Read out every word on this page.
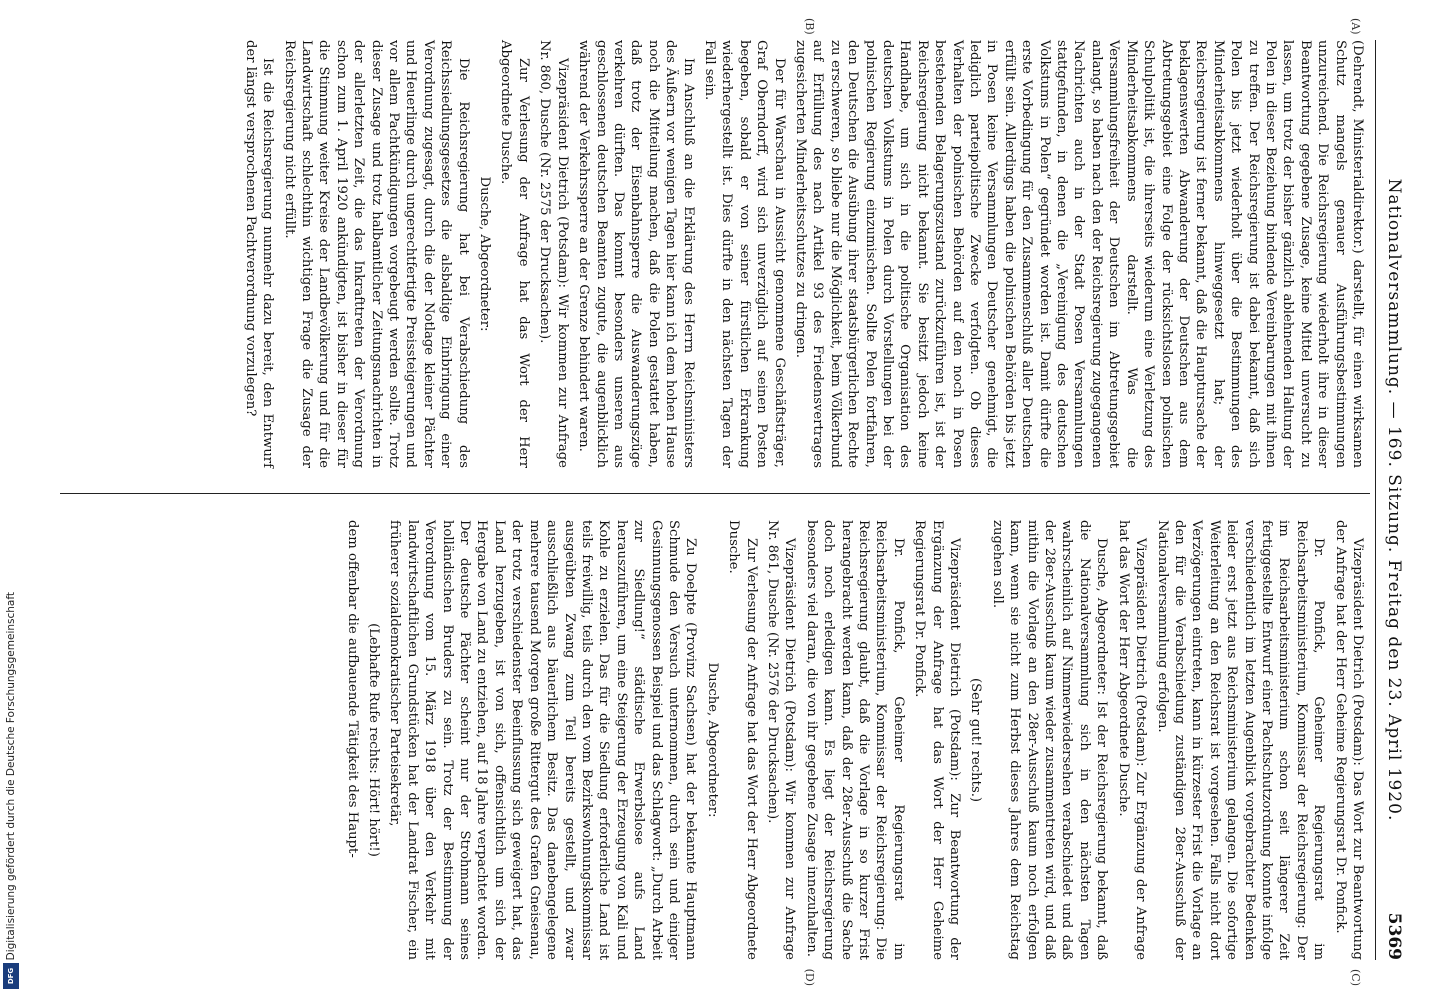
Nationalversammlung. — 169. Sitzung. Freitag den 23. April 1920.
5369
(A)
(B)
(C)
(D)

(Dehrendt, Ministerialdirektor.) darstellt, für einen wirksamen Schutz mangels genauer Ausführungsbestimmungen unzureichend. Die Reichsregierung wiederholt ihre in dieser Beantwortung gegebene Zusage, keine Mittel unversucht zu lassen, um trotz der bisher gänzlich ablehnenden Haltung der Polen in dieser Beziehung bindende Vereinbarungen mit ihnen zu treffen. Der Reichsregierung ist dabei bekannt, daß sich Polen bis jetzt wiederholt über die Bestimmungen des Minderheitsabkommens hinweggesetzt hat; der Reichsregierung ist ferner bekannt, daß die Hauptursache der beklagenswerten Abwanderung der Deutschen aus dem Abtretungsgebiet eine Folge der rücksichtslosen polnischen Schulpolitik ist, die ihrerseits wiederum eine Verletzung des Minderheitsabkommens darstellt. Was die Versammlungsfreiheit der Deutschen im Abtretungsgebiet anlangt, so haben nach den der Reichsregierung zugegangenen Nachrichten auch in der Stadt Posen Versammlungen stattgefunden, in denen die „Vereinigung des deutschen Volkstums in Polen“ gegründet worden ist. Damit dürfte die erste Vorbedingung für den Zusammenschluß aller Deutschen erfüllt sein. Allerdings haben die polnischen Behörden bis jetzt in Posen keine Versammlungen Deutscher genehmigt, die lediglich parteipolitische Zwecke verfolgten. Ob dieses Verhalten der polnischen Behörden auf den noch in Posen bestehenden Belagerungszustand zurückzuführen ist, ist der Reichsregierung nicht bekannt. Sie besitzt jedoch keine Handhabe, um sich in die politische Organisation des deutschen Volkstums in Polen durch Vorstellungen bei der polnischen Regierung einzumischen. Sollte Polen fortfahren, den Deutschen die Ausübung ihrer staatsbürgerlichen Rechte zu erschweren, so bliebe nur die Möglichkeit, beim Völkerbund auf Erfüllung des nach Artikel 93 des Friedensvertrages zugesicherten Minderheitsschutzes zu dringen.

Der für Warschau in Aussicht genommene Geschäftsträger, Graf Oberndorff, wird sich unverzüglich auf seinen Posten begeben, sobald er von seiner fürstlichen Erkrankung wiederhergestellt ist. Dies dürfte in den nächsten Tagen der Fall sein.

Im Anschluß an die Erklärung des Herrn Reichsministers des Äußern vor wenigen Tagen hier kann ich dem hohen Hause noch die Mitteilung machen, daß die Polen gestattet haben, daß trotz der Eisenbahnsperre die Auswanderungszüge verkehren dürften. Das kommt besonders unseren aus geschlossenen deutschen Beamten zugute, die augenblicklich während der Verkehrssperre an der Grenze behindert waren.

Vizepräsident Dietrich (Potsdam): Wir kommen zur Anfrage Nr. 860, Dusche (Nr. 2575 der Drucksachen).

Zur Verlesung der Anfrage hat das Wort der Herr Abgeordnete Dusche.

Dusche, Abgeordneter:

Die Reichsregierung hat bei Verabschiedung des Reichssiedlungsgesetzes die alsbaldige Einbringung einer Verordnung zugesagt, durch die der Notlage kleiner Pächter und Heuerlinge durch ungerechtfertigte Preissteigerungen und vor allem Pachtkündigungen vorgebeugt werden sollte. Trotz dieser Zusage und trotz halbamtlicher Zeitungsnachrichten in der allerletzten Zeit, die das Inkrafttreten der Verordnung schon zum 1. April 1920 ankündigten, ist bisher in dieser für die Stimmung weiter Kreise der Landbevölkerung und für die Landwirtschaft schlechthin wichtigen Frage die Zusage der Reichsregierung nicht erfüllt.

Ist die Reichsregierung nunmehr dazu bereit, den Entwurf der längst versprochenen Pachtverordnung vorzulegen?

Vizepräsident Dietrich (Potsdam): Das Wort zur Beantwortung der Anfrage hat der Herr Geheime Regierungsrat Dr. Ponfick.

Dr. Ponfick, Geheimer Regierungsrat im Reichsarbeitsministerium, Kommissar der Reichsregierung: Der im Reichsarbeitsministerium schon seit längerer Zeit fertiggestellte Entwurf einer Pachtschutzordnung konnte infolge verschiedentlich im letzten Augenblick vorgebrachter Bedenken leider erst jetzt aus Reichsministerium gelangen. Die sofortige Weiterleitung an den Reichsrat ist vorgesehen. Falls nicht dort Verzögerungen eintreten, kann in kürzester Frist die Vorlage an den für die Verabschiedung zuständigen 28er-Ausschuß der Nationalversammlung erfolgen.

Vizepräsident Dietrich (Potsdam): Zur Ergänzung der Anfrage hat das Wort der Herr Abgeordnete Dusche.

Dusche, Abgeordneter: Ist der Reichsregierung bekannt, daß die Nationalversammlung sich in den nächsten Tagen wahrscheinlich auf Nimmerwiedersehen verabschiedet und daß der 28er-Ausschuß kaum wieder zusammentreten wird, und daß mithin die Vorlage an den 28er-Ausschuß kaum noch erfolgen kann, wenn sie nicht zum Herbst dieses Jahres dem Reichstag zugehen soll.

(Sehr gut! rechts.)

Vizepräsident Dietrich (Potsdam): Zur Beantwortung der Ergänzung der Anfrage hat das Wort der Herr Geheime Regierungsrat Dr. Ponfick.

Dr. Ponfick, Geheimer Regierungsrat im Reichsarbeitsministerium, Kommissar der Reichsregierung: Die Reichsregierung glaubt, daß die Vorlage in so kurzer Frist herangebracht werden kann, daß der 28er-Ausschuß die Sache doch noch erledigen kann. Es liegt der Reichsregierung besonders viel daran, die von ihr gegebene Zusage innezuhalten.

Vizepräsident Dietrich (Potsdam): Wir kommen zur Anfrage Nr. 861, Dusche (Nr. 2576 der Drucksachen).

Zur Verlesung der Anfrage hat das Wort der Herr Abgeordnete Dusche.

Dusche, Abgeordneter:

Zu Doelpte (Provinz Sachsen) hat der bekannte Hauptmann Schmude den Versuch unternommen, durch sein und einiger Gesinnungsgenossen Beispiel und das Schlagwort: „Durch Arbeit zur Siedlung!“ städtische Erwerbslose aufs Land herauszuführen, um eine Steigerung der Erzeugung von Kali und Kohle zu erzielen. Das für die Siedlung erforderliche Land ist teils freiwillig, teils durch den vom Bezirkswohnungskommissar ausgeübten Zwang zum Teil bereits gestellt, und zwar ausschließlich aus bäuerlichem Besitz. Das danebengelegene mehrere tausend Morgen große Rittergut des Grafen Gneisenau, der trotz verschiedenster Beeinflussung sich geweigert hat, das Land herzugeben, ist von sich, offensichtlich um sich der Hergabe von Land zu entziehen, auf 18 Jahre verpachtet worden. Der deutsche Pächter scheint nur der Strohmann seines holländischen Bruders zu sein. Trotz der Bestimmung der Verordnung vom 15. März 1918 über den Verkehr mit landwirtschaftlichen Grundstücken hat der Landrat Fischer, ein früherer sozialdemokratischer Parteisekretär,

(Lebhafte Rufe rechts: Hört! hört!)

dem offenbar die aufbauende Tätigkeit des Haupt-

Digitalisierung gefördert durch die Deutsche Forschungsgemeinschaft
DFG
